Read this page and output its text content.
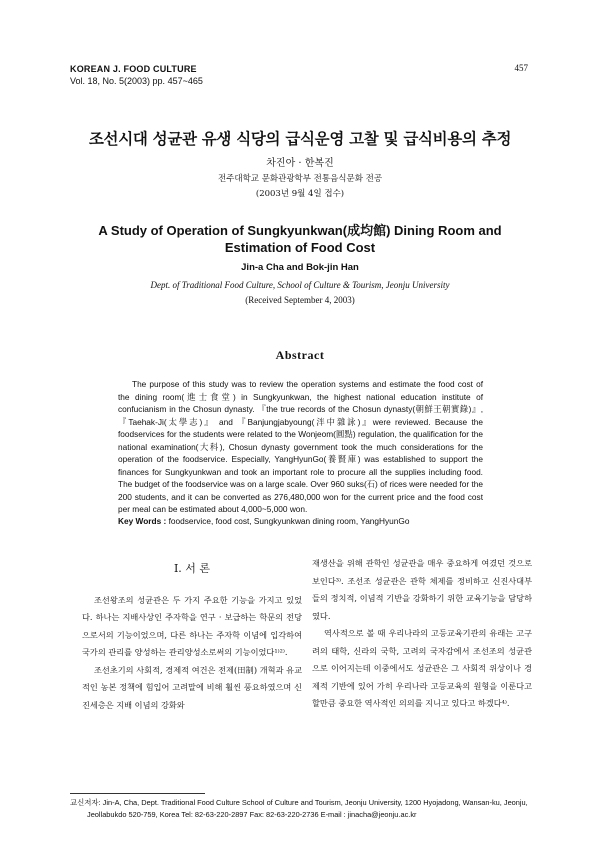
KOREAN J. FOOD CULTURE
Vol. 18, No. 5(2003) pp. 457~465
457
조선시대 성균관 유생 식당의 급식운영 고찰 및 급식비용의 추정
차진아 · 한복진
전주대학교 문화관광학부 전통음식문화 전공
(2003년 9월 4일 접수)
A Study of Operation of Sungkyunkwan(成均館) Dining Room and
Estimation of Food Cost
Jin-a Cha and Bok-jin Han
Dept. of Traditional Food Culture, School of Culture & Tourism, Jeonju University
(Received September 4, 2003)
Abstract

The purpose of this study was to review the operation systems and estimate the food cost of the dining room(進士食堂) in Sungkyunkwan, the highest national education institute of confucianism in the Chosun dynasty. 『the true records of the Chosun dynasty(朝鮮王朝實錄)』, 『Taehak-Ji(太學志)』 and 『Banjungjabyoung(泮中雜詠)』were reviewed. Because the foodservices for the students were related to the Wonjeom(圓點) regulation, the qualification for the national examination(大科), Chosun dynasty government took the much considerations for the operation of the foodservice. Especially, YangHyunGo(養賢庫) was established to support the finances for Sungkyunkwan and took an important role to procure all the supplies including food. The budget of the foodservice was on a large scale. Over 960 suks(石) of rices were needed for the 200 students, and it can be converted as 276,480,000 won for the current price and the food cost per meal can be estimated about 4,000~5,000 won.

Key Words : foodservice, food cost, Sungkyunkwan dining room, YangHyunGo
I. 서 론

조선왕조의 성균관은 두 가지 주요한 기능을 가지고 있었다. 하나는 지배사상인 주자학을 연구 · 보급하는 학문의 전당으로서의 기능이었으며, 다른 하나는 주자학 이념에 입각하여 국가의 관리를 양성하는 관리양성소로써의 기능이었다¹⁾²⁾.

조선초기의 사회적, 경제적 여건은 전제(田制) 개혁과 유교적인 농본 정책에 힘입어 고려말에 비해 훨씬 풍요하였으며 신진세층은 지배 이념의 강화와

재생산을 위해 관학인 성균관을 매우 중요하게 여겼던 것으로 보인다³⁾. 조선조 성균관은 관학 체제를 정비하고 신진사대부들의 정치적, 이념적 기반을 강화하기 위한 교육기능을 담당하였다.

역사적으로 볼 때 우리나라의 고등교육기관의 유래는 고구려의 태학, 신라의 국학, 고려의 국자감에서 조선조의 성균관으로 이어지는데 이중에서도 성균관은 그 사회적 위상이나 경제적 기반에 있어 가히 우리나라 고등교육의 원형을 이룬다고 할만큼 중요한 역사적인 의의를 지니고 있다고 하겠다⁴⁾.

교신저자: Jin-A, Cha, Dept. Traditional Food Culture School of Culture and Tourism, Jeonju University, 1200 Hyojadong, Wansan-ku, Jeonju,
Jeollabukdo 520-759, Korea Tel: 82-63-220-2897 Fax: 82-63-220-2736 E-mail : jinacha@jeonju.ac.kr
